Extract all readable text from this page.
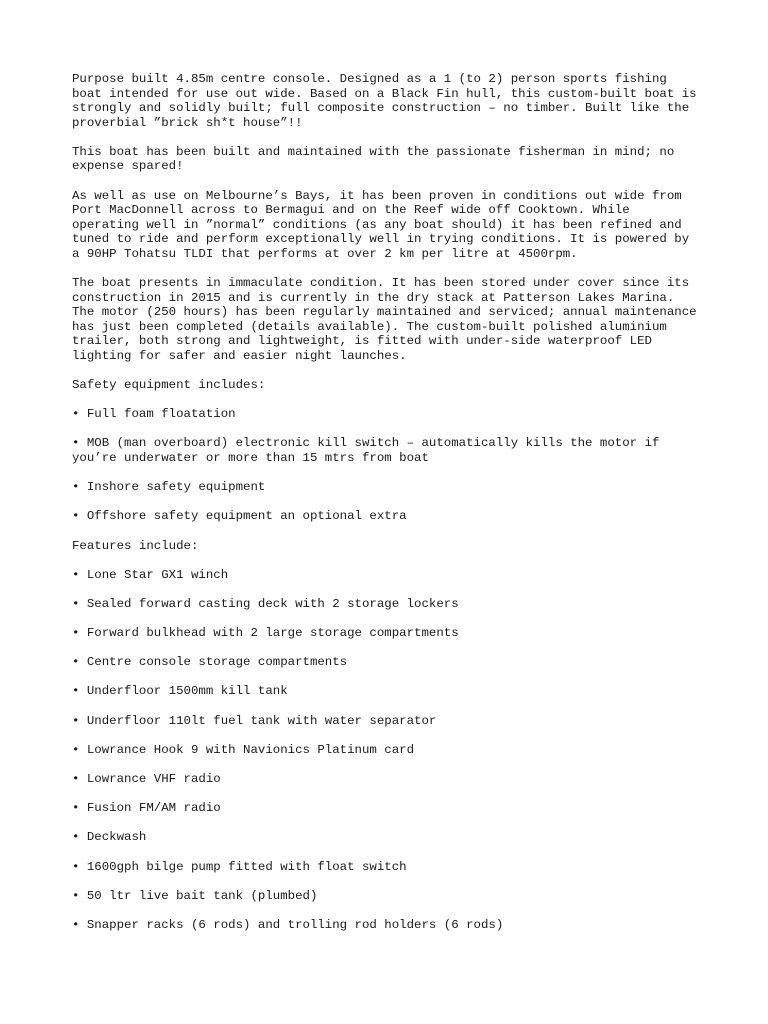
Purpose built 4.85m centre console. Designed as a 1 (to 2) person sports fishing boat intended for use out wide. Based on a Black Fin hull, this custom-built boat is strongly and solidly built; full composite construction – no timber. Built like the proverbial ”brick sh*t house”!!

This boat has been built and maintained with the passionate fisherman in mind; no expense spared!

As well as use on Melbourne’s Bays, it has been proven in conditions out wide from Port MacDonnell across to Bermagui and on the Reef wide off Cooktown. While operating well in ”normal” conditions (as any boat should) it has been refined and tuned to ride and perform exceptionally well in trying conditions. It is powered by a 90HP Tohatsu TLDI that performs at over 2 km per litre at 4500rpm.

The boat presents in immaculate condition. It has been stored under cover since its construction in 2015 and is currently in the dry stack at Patterson Lakes Marina. The motor (250 hours) has been regularly maintained and serviced; annual maintenance has just been completed (details available). The custom-built polished aluminium trailer, both strong and lightweight, is fitted with under-side waterproof LED lighting for safer and easier night launches.

Safety equipment includes:

• Full foam floatation

• MOB (man overboard) electronic kill switch – automatically kills the motor if you’re underwater or more than 15 mtrs from boat

• Inshore safety equipment

• Offshore safety equipment an optional extra

Features include:

• Lone Star GX1 winch

• Sealed forward casting deck with 2 storage lockers

• Forward bulkhead with 2 large storage compartments

• Centre console storage compartments

• Underfloor 1500mm kill tank

• Underfloor 110lt fuel tank with water separator

• Lowrance Hook 9 with Navionics Platinum card

• Lowrance VHF radio

• Fusion FM/AM radio

• Deckwash

• 1600gph bilge pump fitted with float switch

• 50 ltr live bait tank (plumbed)

• Snapper racks (6 rods) and trolling rod holders (6 rods)
